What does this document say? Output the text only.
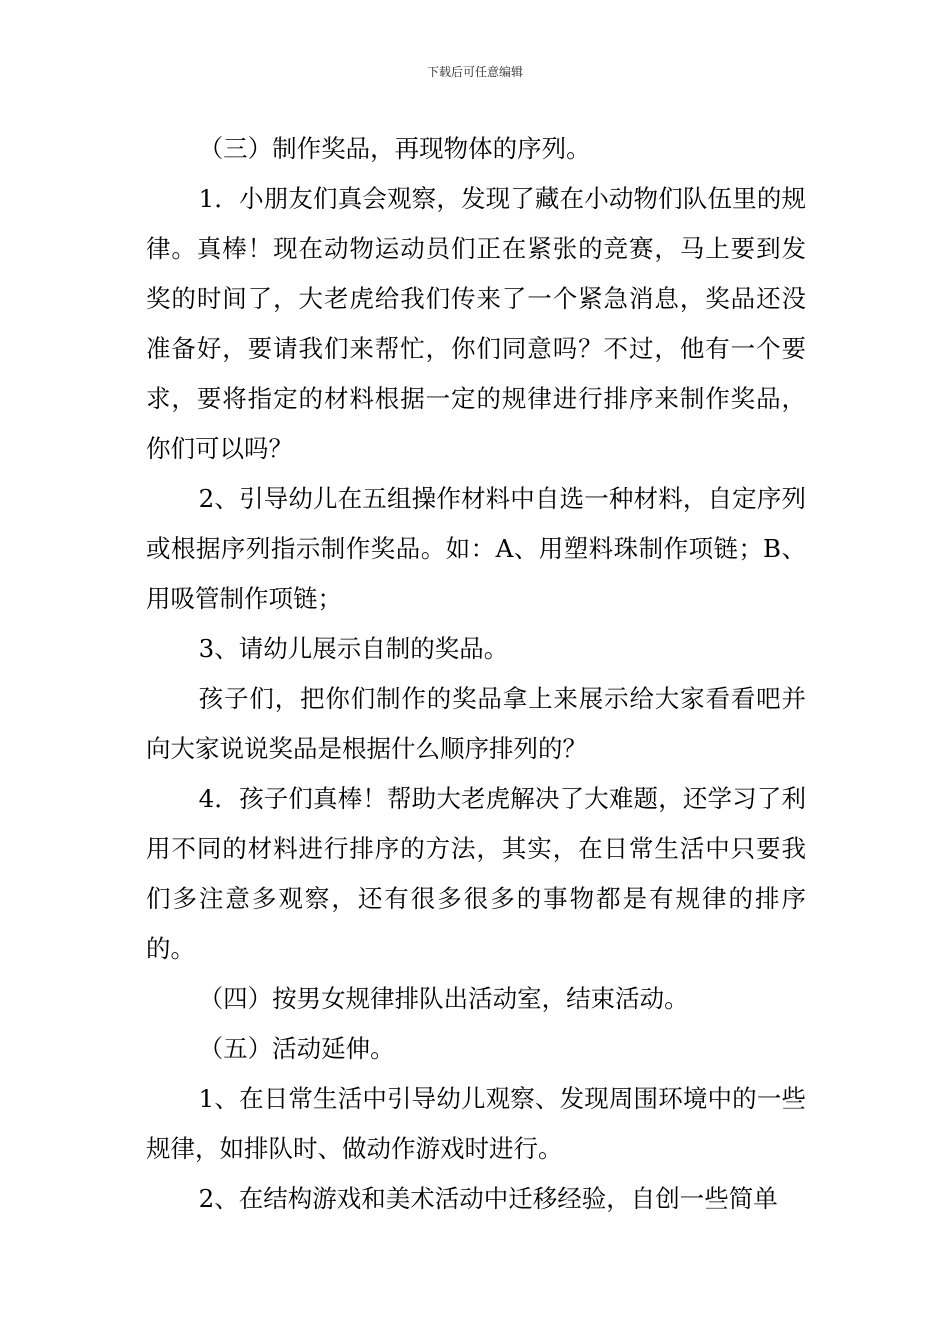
下载后可任意编辑

（三）制作奖品，再现物体的序列。

1．小朋友们真会观察，发现了藏在小动物们队伍里的规律。真棒！现在动物运动员们正在紧张的竞赛，马上要到发奖的时间了，大老虎给我们传来了一个紧急消息，奖品还没准备好，要请我们来帮忙，你们同意吗？不过，他有一个要求，要将指定的材料根据一定的规律进行排序来制作奖品，你们可以吗？

2、引导幼儿在五组操作材料中自选一种材料，自定序列或根据序列指示制作奖品。如：A、用塑料珠制作项链；B、用吸管制作项链；

3、请幼儿展示自制的奖品。

孩子们，把你们制作的奖品拿上来展示给大家看看吧并向大家说说奖品是根据什么顺序排列的？

4．孩子们真棒！帮助大老虎解决了大难题，还学习了利用不同的材料进行排序的方法，其实，在日常生活中只要我们多注意多观察，还有很多很多的事物都是有规律的排序的。

（四）按男女规律排队出活动室，结束活动。

（五）活动延伸。

1、在日常生活中引导幼儿观察、发现周围环境中的一些规律，如排队时、做动作游戏时进行。

2、在结构游戏和美术活动中迁移经验，自创一些简单
